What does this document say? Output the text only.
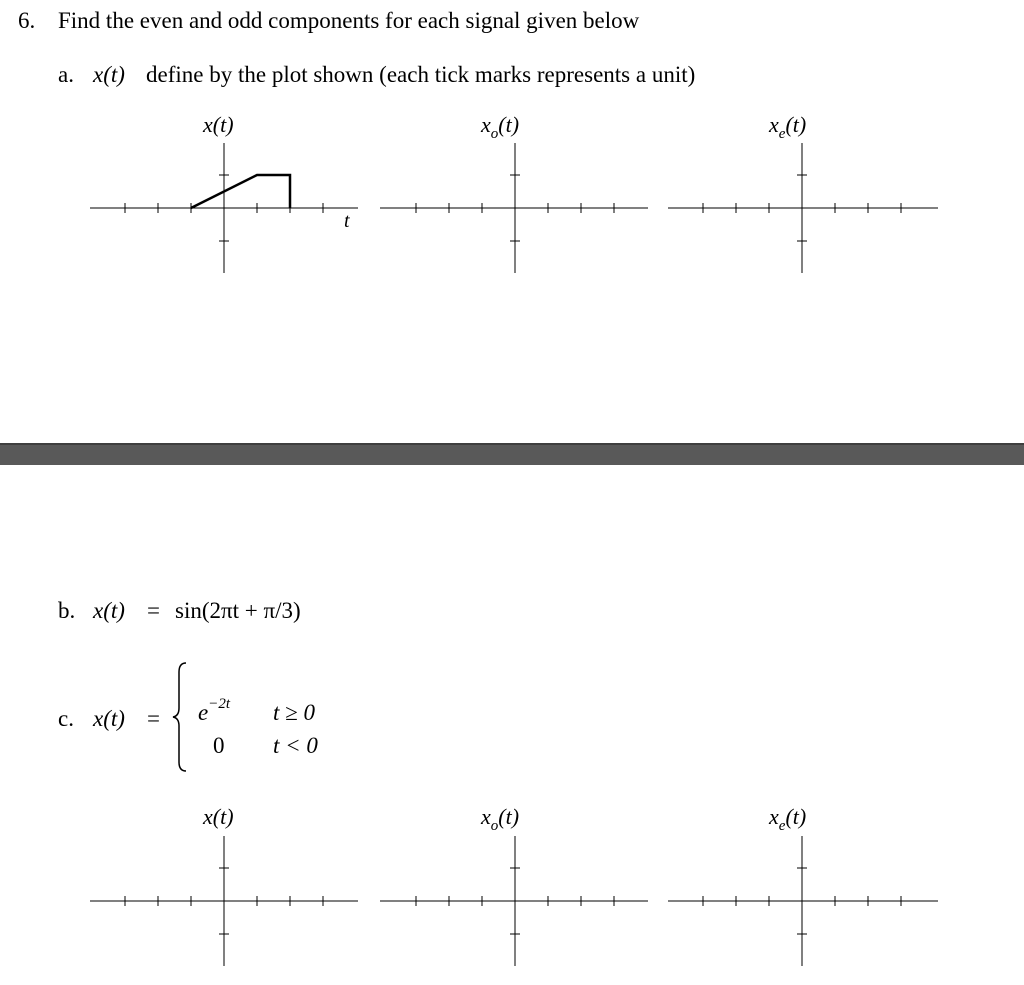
6. Find the even and odd components for each signal given below
a. x(t) define by the plot shown (each tick marks represents a unit)
x(t)	$x_o(t)$	$x_e(t)$
t
b. x(t) = sin(2πt + π/3)
c. $x(t) = e^{-2t}$ t ≥ 0
0 t < 0
x(t)	$x_o(t)$	$x_e(t)$
